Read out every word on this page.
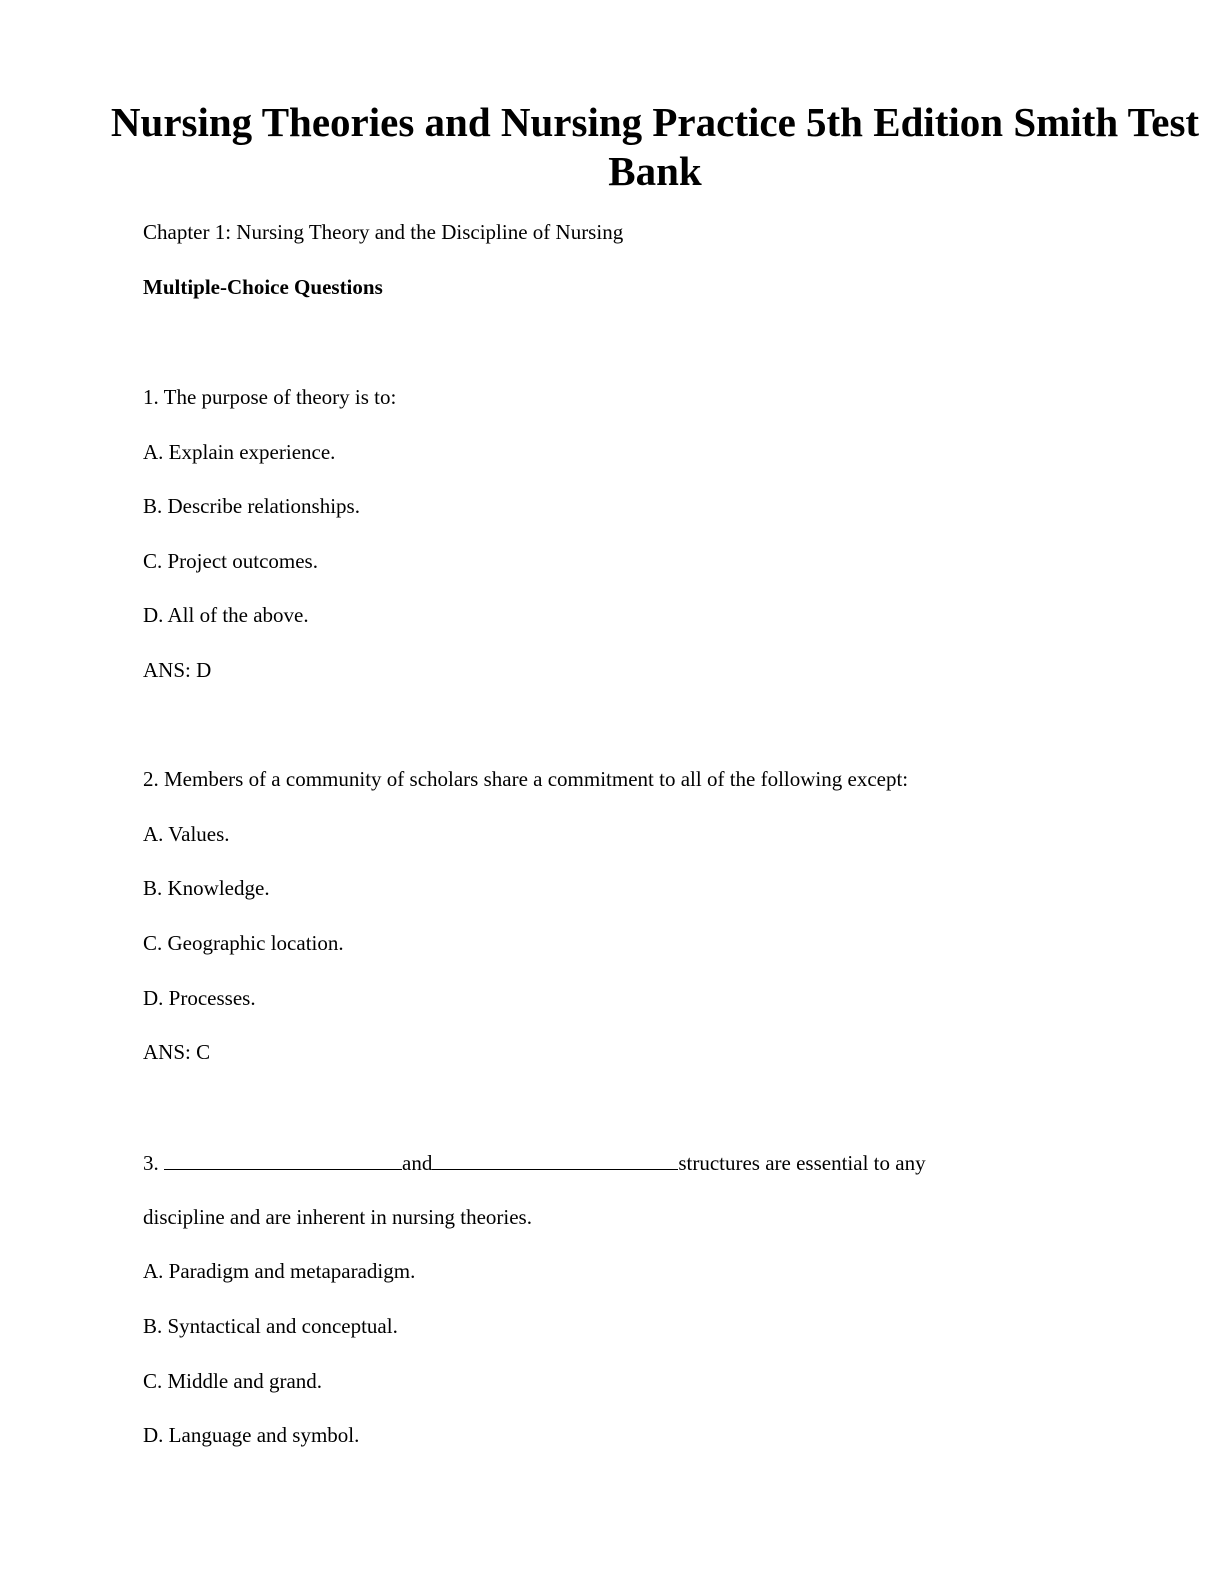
Nursing Theories and Nursing Practice 5th Edition Smith Test Bank

Chapter 1: Nursing Theory and the Discipline of Nursing

Multiple-Choice Questions

1. The purpose of theory is to:

A. Explain experience.

B. Describe relationships.

C. Project outcomes.

D. All of the above.

ANS: D

2. Members of a community of scholars share a commitment to all of the following except:

A. Values.

B. Knowledge.

C. Geographic location.

D. Processes.

ANS: C

3.	and	structures are essential to any

discipline and are inherent in nursing theories.

A. Paradigm and metaparadigm.

B. Syntactical and conceptual.

C. Middle and grand.

D. Language and symbol.
